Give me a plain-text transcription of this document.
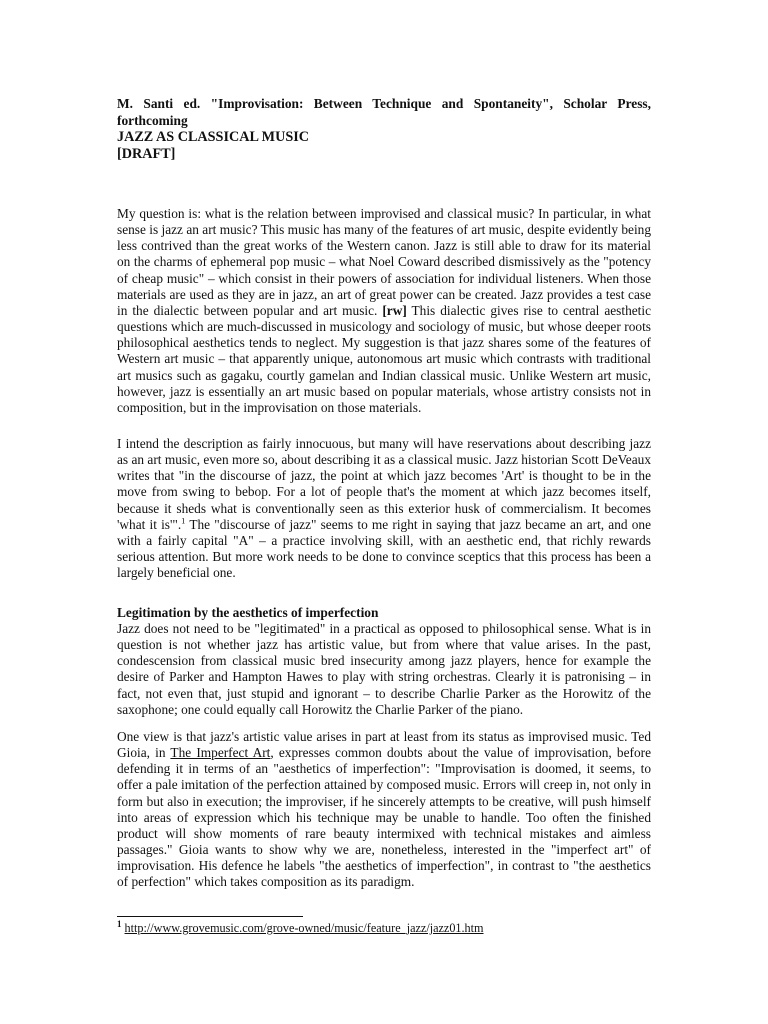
M. Santi ed. "Improvisation: Between Technique and Spontaneity", Scholar Press, forthcoming
JAZZ AS CLASSICAL MUSIC
[DRAFT]

My question is: what is the relation between improvised and classical music? In particular, in what sense is jazz an art music? This music has many of the features of art music, despite evidently being less contrived than the great works of the Western canon. Jazz is still able to draw for its material on the charms of ephemeral pop music – what Noel Coward described dismissively as the "potency of cheap music" – which consist in their powers of association for individual listeners. When those materials are used as they are in jazz, an art of great power can be created. Jazz provides a test case in the dialectic between popular and art music. [rw] This dialectic gives rise to central aesthetic questions which are much-discussed in musicology and sociology of music, but whose deeper roots philosophical aesthetics tends to neglect. My suggestion is that jazz shares some of the features of Western art music – that apparently unique, autonomous art music which contrasts with traditional art musics such as gagaku, courtly gamelan and Indian classical music. Unlike Western art music, however, jazz is essentially an art music based on popular materials, whose artistry consists not in composition, but in the improvisation on those materials.

I intend the description as fairly innocuous, but many will have reservations about describing jazz as an art music, even more so, about describing it as a classical music. Jazz historian Scott DeVeaux writes that "in the discourse of jazz, the point at which jazz becomes 'Art' is thought to be in the move from swing to bebop. For a lot of people that's the moment at which jazz becomes itself, because it sheds what is conventionally seen as this exterior husk of commercialism. It becomes 'what it is'".$^1$ The "discourse of jazz" seems to me right in saying that jazz became an art, and one with a fairly capital "A" – a practice involving skill, with an aesthetic end, that richly rewards serious attention. But more work needs to be done to convince sceptics that this process has been a largely beneficial one.

Legitimation by the aesthetics of imperfection

Jazz does not need to be "legitimated" in a practical as opposed to philosophical sense. What is in question is not whether jazz has artistic value, but from where that value arises. In the past, condescension from classical music bred insecurity among jazz players, hence for example the desire of Parker and Hampton Hawes to play with string orchestras. Clearly it is patronising – in fact, not even that, just stupid and ignorant – to describe Charlie Parker as the Horowitz of the saxophone; one could equally call Horowitz the Charlie Parker of the piano.

One view is that jazz's artistic value arises in part at least from its status as improvised music. Ted Gioia, in The Imperfect Art, expresses common doubts about the value of improvisation, before defending it in terms of an "aesthetics of imperfection": "Improvisation is doomed, it seems, to offer a pale imitation of the perfection attained by composed music. Errors will creep in, not only in form but also in execution; the improviser, if he sincerely attempts to be creative, will push himself into areas of expression which his technique may be unable to handle. Too often the finished product will show moments of rare beauty intermixed with technical mistakes and aimless passages." Gioia wants to show why we are, nonetheless, interested in the "imperfect art" of improvisation. His defence he labels "the aesthetics of imperfection", in contrast to "the aesthetics of perfection" which takes composition as its paradigm.

$^1$ http://www.grovemusic.com/grove-owned/music/feature_jazz/jazz01.htm
